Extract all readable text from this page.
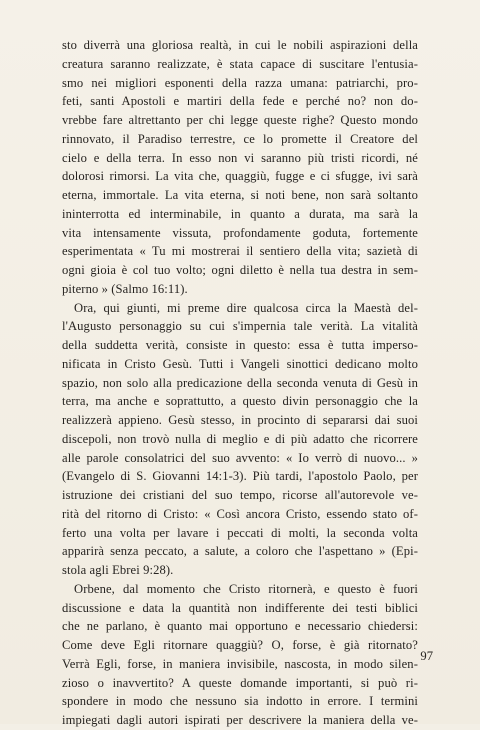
sto diverrà una gloriosa realtà, in cui le nobili aspirazioni della
creatura saranno realizzate, è stata capace di suscitare l'entusia-
smo nei migliori esponenti della razza umana: patriarchi, pro-
feti, santi Apostoli e martiri della fede e perché no? non do-
vrebbe fare altrettanto per chi legge queste righe? Questo mondo
rinnovato, il Paradiso terrestre, ce lo promette il Creatore del
cielo e della terra. In esso non vi saranno più tristi ricordi, né
dolorosi rimorsi. La vita che, quaggiù, fugge e ci sfugge, ivi sarà
eterna, immortale. La vita eterna, si noti bene, non sarà soltanto
ininterrotta ed interminabile, in quanto a durata, ma sarà la
vita intensamente vissuta, profondamente goduta, fortemente
esperimentata « Tu mi mostrerai il sentiero della vita; sazietà di
ogni gioia è col tuo volto; ogni diletto è nella tua destra in sem-
piterno » (Salmo 16:11).
Ora, qui giunti, mi preme dire qualcosa circa la Maestà del-
l'Augusto personaggio su cui s'impernia tale verità. La vitalità
della suddetta verità, consiste in questo: essa è tutta imperso-
nificata in Cristo Gesù. Tutti i Vangeli sinottici dedicano molto
spazio, non solo alla predicazione della seconda venuta di Gesù in
terra, ma anche e soprattutto, a questo divin personaggio che la
realizzerà appieno. Gesù stesso, in procinto di separarsi dai suoi
discepoli, non trovò nulla di meglio e di più adatto che ricorrere
alle parole consolatrici del suo avvento: « Io verrò di nuovo... »
(Evangelo di S. Giovanni 14:1-3). Più tardi, l'apostolo Paolo, per
istruzione dei cristiani del suo tempo, ricorse all'autorevole ve-
rità del ritorno di Cristo: « Così ancora Cristo, essendo stato of-
ferto una volta per lavare i peccati di molti, la seconda volta
apparirà senza peccato, a salute, a coloro che l'aspettano » (Epi-
stola agli Ebrei 9:28).
Orbene, dal momento che Cristo ritornerà, e questo è fuori
discussione e data la quantità non indifferente dei testi biblici
che ne parlano, è quanto mai opportuno e necessario chiedersi:
Come deve Egli ritornare quaggiù? O, forse, è già ritornato?
Verrà Egli, forse, in maniera invisibile, nascosta, in modo silen-
zioso o inavvertito? A queste domande importanti, si può ri-
spondere in modo che nessuno sia indotto in errore. I termini
impiegati dagli autori ispirati per descrivere la maniera della ve-
97
